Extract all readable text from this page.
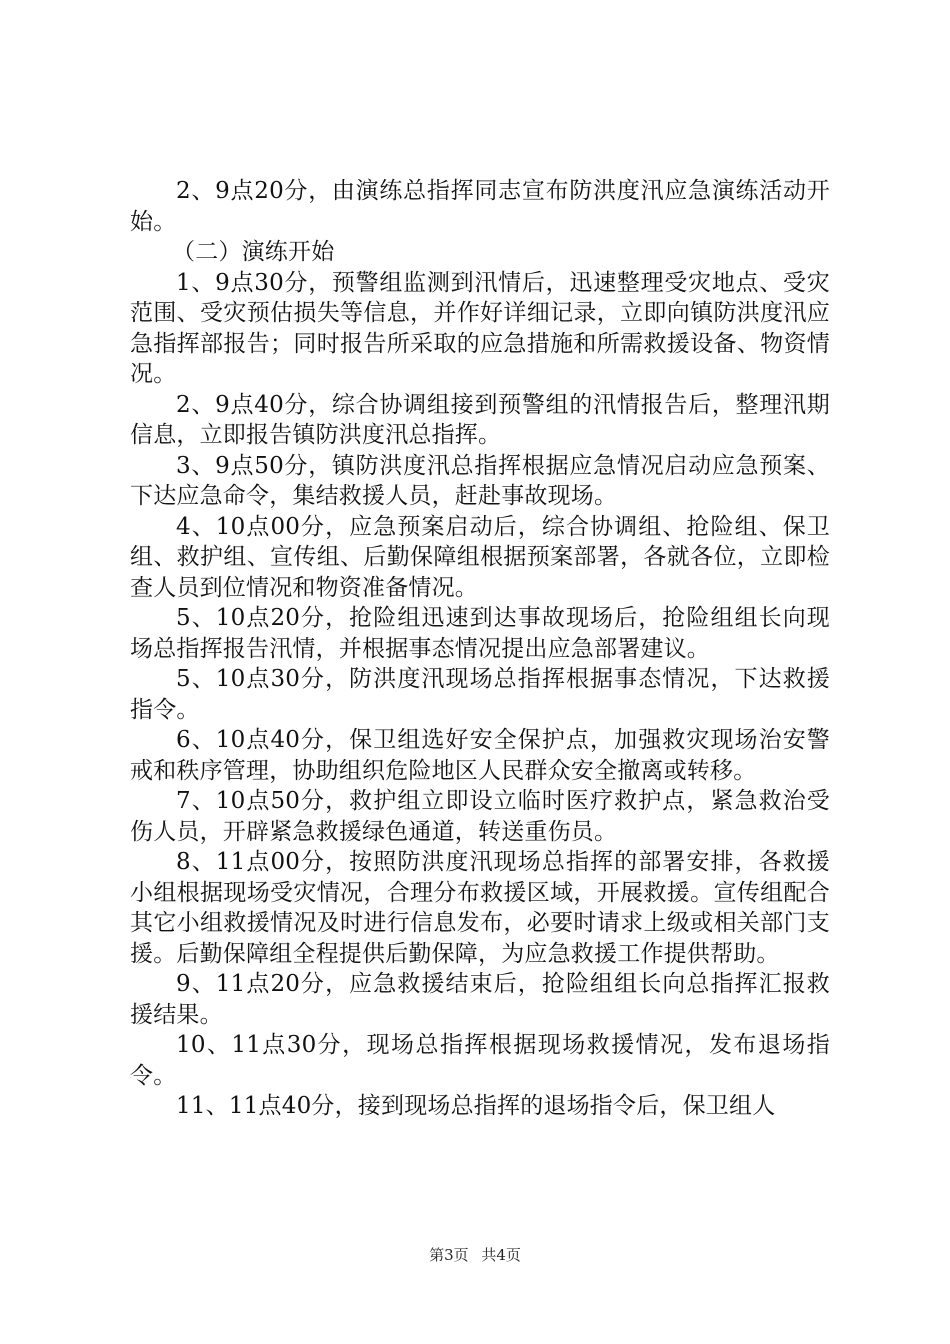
2、9点20分，由演练总指挥同志宣布防洪度汛应急演练活动开始。

（二）演练开始

1、9点30分，预警组监测到汛情后，迅速整理受灾地点、受灾范围、受灾预估损失等信息，并作好详细记录，立即向镇防洪度汛应急指挥部报告；同时报告所采取的应急措施和所需救援设备、物资情况。

2、9点40分，综合协调组接到预警组的汛情报告后，整理汛期信息，立即报告镇防洪度汛总指挥。

3、9点50分，镇防洪度汛总指挥根据应急情况启动应急预案、下达应急命令，集结救援人员，赶赴事故现场。

4、10点00分，应急预案启动后，综合协调组、抢险组、保卫组、救护组、宣传组、后勤保障组根据预案部署，各就各位，立即检查人员到位情况和物资准备情况。

5、10点20分，抢险组迅速到达事故现场后，抢险组组长向现场总指挥报告汛情，并根据事态情况提出应急部署建议。

5、10点30分，防洪度汛现场总指挥根据事态情况，下达救援指令。

6、10点40分，保卫组选好安全保护点，加强救灾现场治安警戒和秩序管理，协助组织危险地区人民群众安全撤离或转移。

7、10点50分，救护组立即设立临时医疗救护点，紧急救治受伤人员，开辟紧急救援绿色通道，转送重伤员。

8、11点00分，按照防洪度汛现场总指挥的部署安排，各救援小组根据现场受灾情况，合理分布救援区域，开展救援。宣传组配合其它小组救援情况及时进行信息发布，必要时请求上级或相关部门支援。后勤保障组全程提供后勤保障，为应急救援工作提供帮助。

9、11点20分，应急救援结束后，抢险组组长向总指挥汇报救援结果。

10、11点30分，现场总指挥根据现场救援情况，发布退场指令。

11、11点40分，接到现场总指挥的退场指令后，保卫组人

第3页 共4页
